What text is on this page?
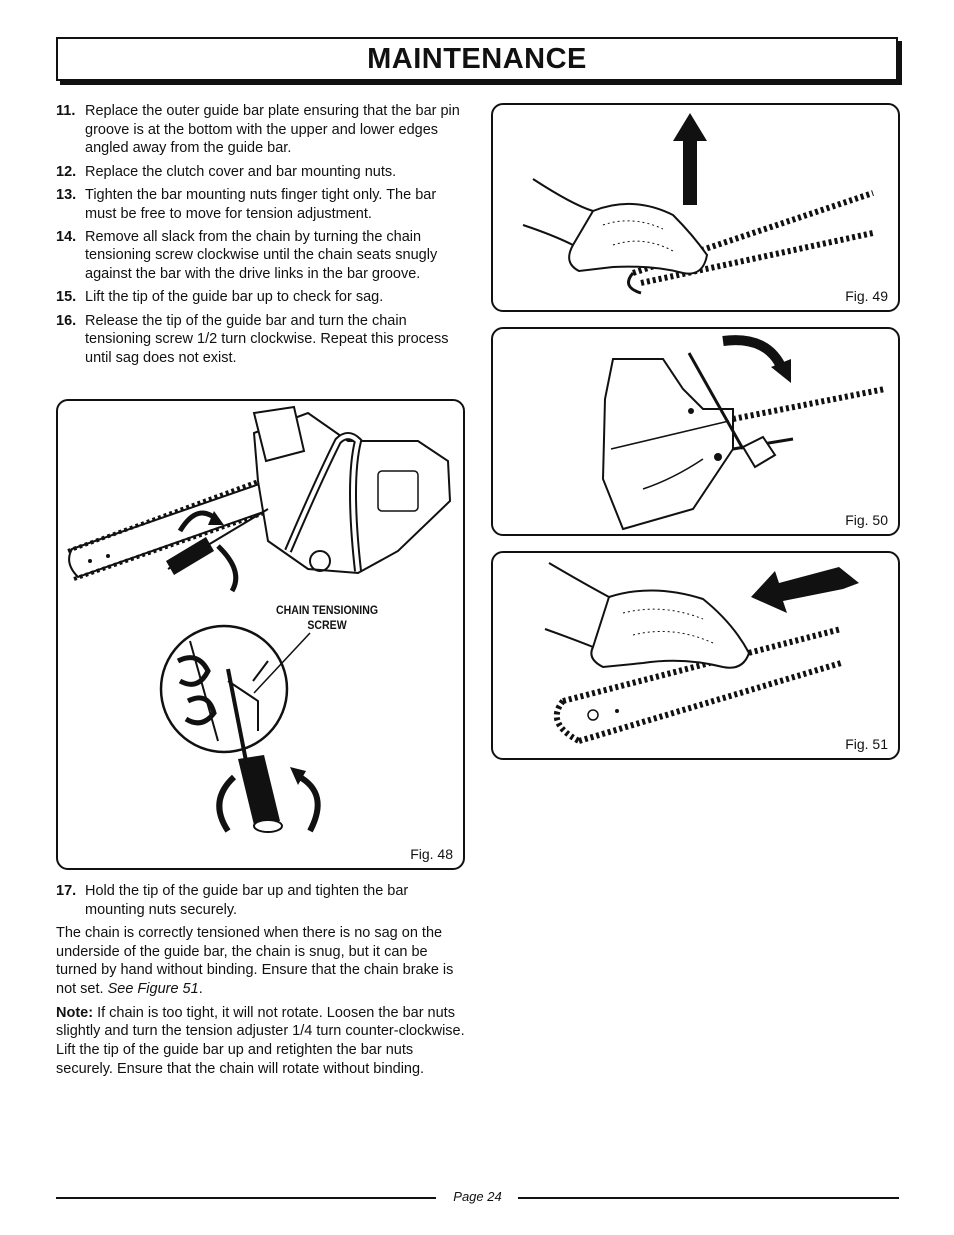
MAINTENANCE
11. Replace the outer guide bar plate ensuring that the bar pin groove is at the bottom with the upper and lower edges angled away from the guide bar.
12. Replace the clutch cover and bar mounting nuts.
13. Tighten the bar mounting nuts finger tight only. The bar must be free to move for tension adjustment.
14. Remove all slack from the chain by turning the chain tensioning screw clockwise until the chain seats snugly against the bar with the drive links in the bar groove.
15. Lift the tip of the guide bar up to check for sag.
16. Release the tip of the guide bar and turn the chain tensioning screw 1/2 turn clockwise. Repeat this process until sag does not exist.
17. Hold the tip of the guide bar up and tighten the bar mounting nuts securely.

The chain is correctly tensioned when there is no sag on the underside of the guide bar, the chain is snug, but it can be turned by hand without binding. Ensure that the chain brake is not set. See Figure 51.

Note: If chain is too tight, it will not rotate. Loosen the bar nuts slightly and turn the tension adjuster 1/4 turn counter-clockwise. Lift the tip of the guide bar up and retighten the bar nuts securely. Ensure that the chain will rotate without binding.

CHAIN TENSIONING
SCREW
Fig. 48
Fig. 49
Fig. 50
Fig. 51
Page 24
